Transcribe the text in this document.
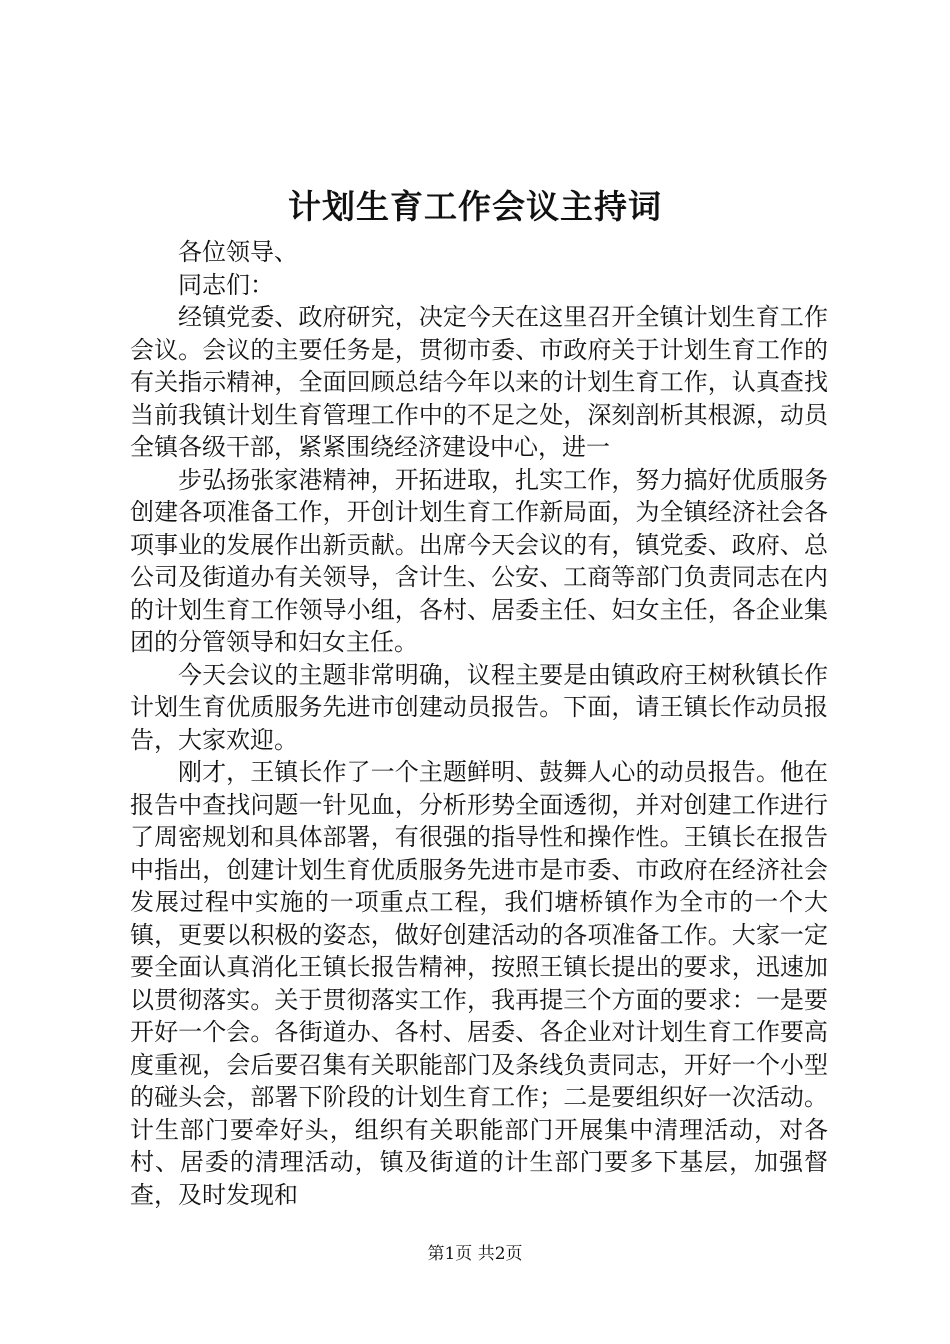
计划生育工作会议主持词

各位领导、

同志们：

经镇党委、政府研究，决定今天在这里召开全镇计划生育工作会议。会议的主要任务是，贯彻市委、市政府关于计划生育工作的有关指示精神，全面回顾总结今年以来的计划生育工作，认真查找当前我镇计划生育管理工作中的不足之处，深刻剖析其根源，动员全镇各级干部，紧紧围绕经济建设中心，进一

步弘扬张家港精神，开拓进取，扎实工作，努力搞好优质服务创建各项准备工作，开创计划生育工作新局面，为全镇经济社会各项事业的发展作出新贡献。出席今天会议的有，镇党委、政府、总公司及街道办有关领导，含计生、公安、工商等部门负责同志在内的计划生育工作领导小组，各村、居委主任、妇女主任，各企业集团的分管领导和妇女主任。

今天会议的主题非常明确，议程主要是由镇政府王树秋镇长作计划生育优质服务先进市创建动员报告。下面，请王镇长作动员报告，大家欢迎。

刚才，王镇长作了一个主题鲜明、鼓舞人心的动员报告。他在报告中查找问题一针见血，分析形势全面透彻，并对创建工作进行了周密规划和具体部署，有很强的指导性和操作性。王镇长在报告中指出，创建计划生育优质服务先进市是市委、市政府在经济社会发展过程中实施的一项重点工程，我们塘桥镇作为全市的一个大镇，更要以积极的姿态，做好创建活动的各项准备工作。大家一定要全面认真消化王镇长报告精神，按照王镇长提出的要求，迅速加以贯彻落实。关于贯彻落实工作，我再提三个方面的要求：一是要开好一个会。各街道办、各村、居委、各企业对计划生育工作要高度重视，会后要召集有关职能部门及条线负责同志，开好一个小型的碰头会，部署下阶段的计划生育工作；二是要组织好一次活动。计生部门要牵好头，组织有关职能部门开展集中清理活动，对各村、居委的清理活动，镇及街道的计生部门要多下基层，加强督查，及时发现和

第1页 共2页
